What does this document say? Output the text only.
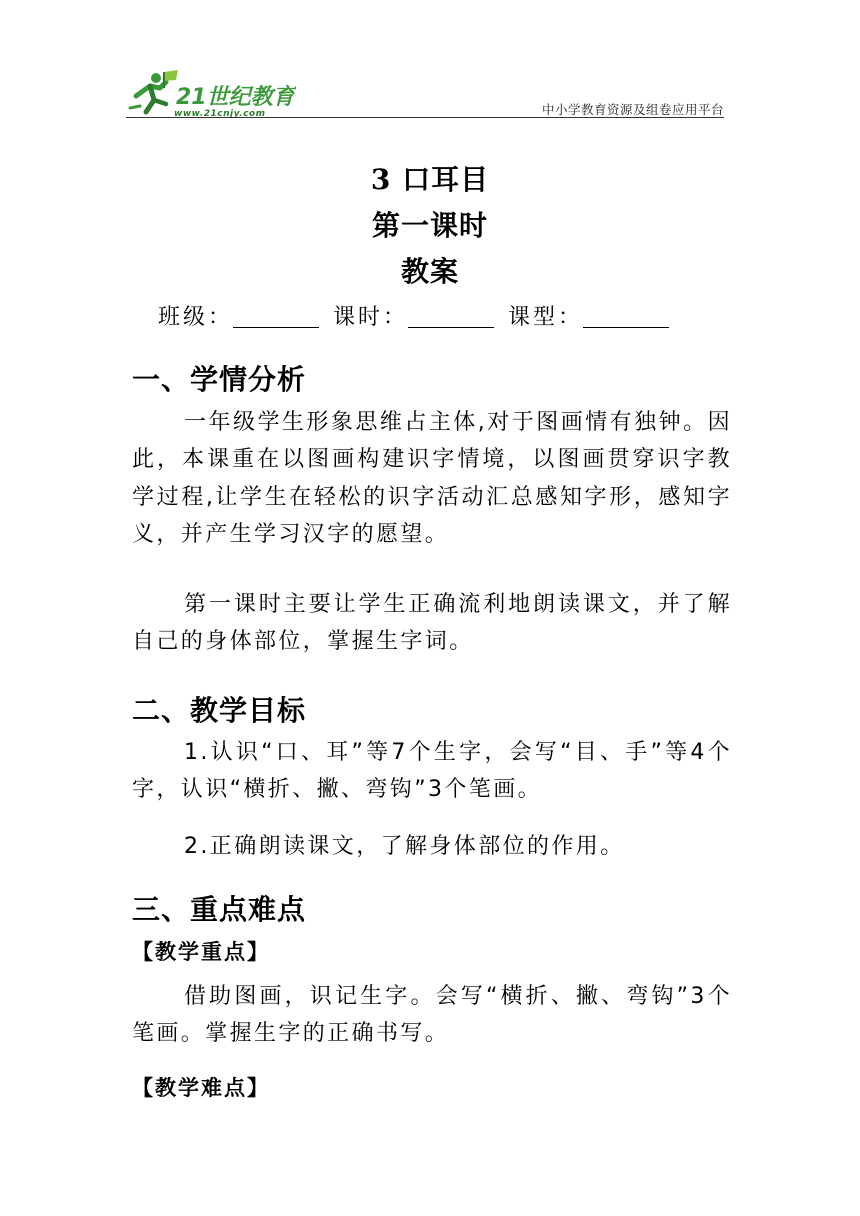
21世纪教育
www.21cnjy.com	中小学教育资源及组卷应用平台
3 口耳目
第一课时
教案
班级：	课时：	课型：
一、学情分析
一年级学生形象思维占主体,对于图画情有独钟。因此，本课重在以图画构建识字情境，以图画贯穿识字教学过程,让学生在轻松的识字活动汇总感知字形，感知字义，并产生学习汉字的愿望。
第一课时主要让学生正确流利地朗读课文，并了解自己的身体部位，掌握生字词。
二、教学目标
1.认识“口、耳”等7个生字，会写“目、手”等4个字，认识“横折、撇、弯钩”3个笔画。
2.正确朗读课文，了解身体部位的作用。
三、重点难点
【教学重点】
借助图画，识记生字。会写“横折、撇、弯钩”3个笔画。掌握生字的正确书写。
【教学难点】
